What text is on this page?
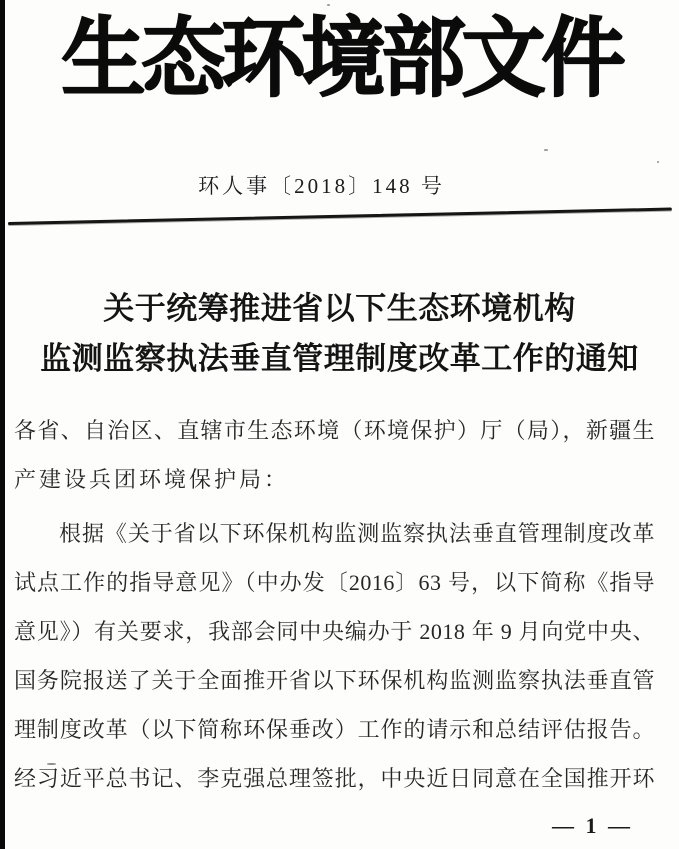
生态环境部文件
环人事〔2018〕148 号
关于统筹推进省以下生态环境机构
监测监察执法垂直管理制度改革工作的通知
各省、自治区、直辖市生态环境（环境保护）厅（局），新疆生
产建设兵团环境保护局：
根据《关于省以下环保机构监测监察执法垂直管理制度改革
试点工作的指导意见》（中办发〔2016〕63 号，以下简称《指导
意见》）有关要求，我部会同中央编办于 2018 年 9 月向党中央、
国务院报送了关于全面推开省以下环保机构监测监察执法垂直管
理制度改革（以下简称环保垂改）工作的请示和总结评估报告。
经习近平总书记、李克强总理签批，中央近日同意在全国推开环
— 1 —
